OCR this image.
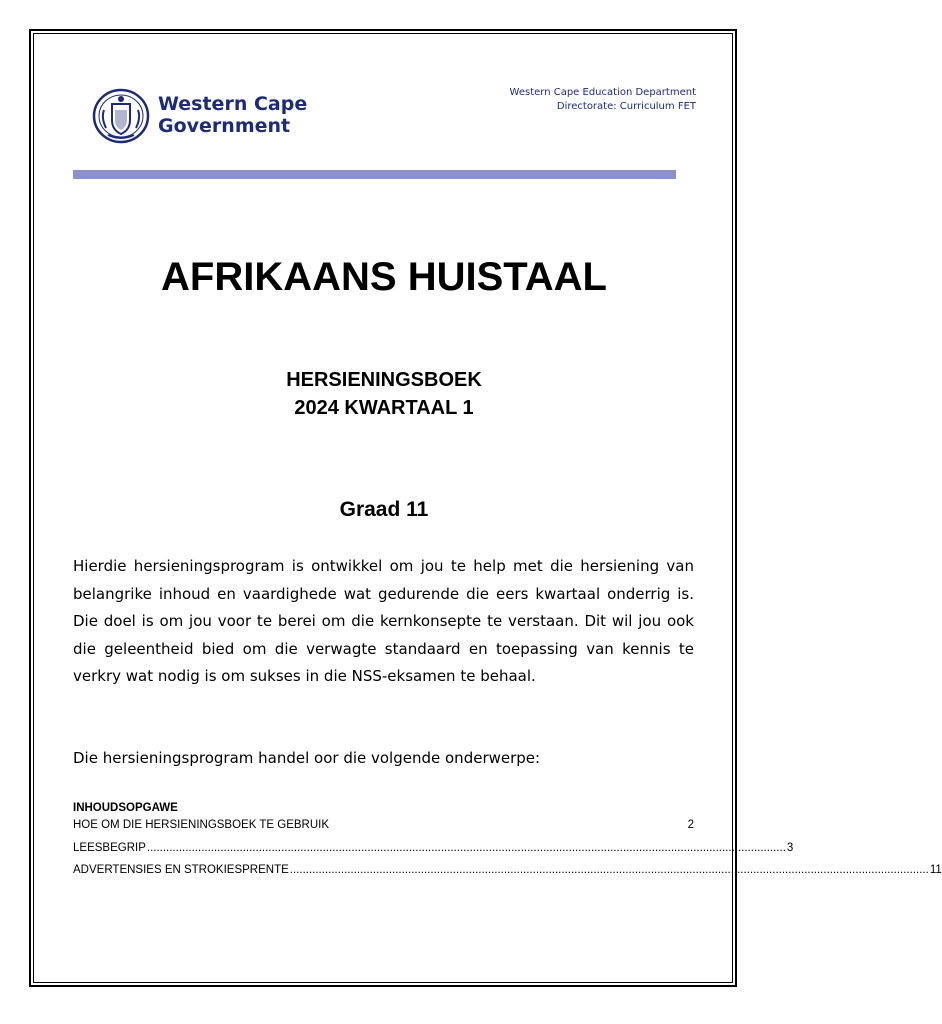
Western Cape
Government
Western Cape Education Department
Directorate: Curriculum FET
AFRIKAANS HUISTAAL
HERSIENINGSBOEK
2024 KWARTAAL 1
Graad 11

Hierdie hersieningsprogram is ontwikkel om jou te help met die hersiening van belangrike inhoud en vaardighede wat gedurende die eers kwartaal onderrig is. Die doel is om jou voor te berei om die kernkonsepte te verstaan. Dit wil jou ook die geleentheid bied om die verwagte standaard en toepassing van kennis te verkry wat nodig is om sukses in die NSS-eksamen te behaal.

Die hersieningsprogram handel oor die volgende onderwerpe:

INHOUDSOPGAWE
HOE OM DIE HERSIENINGSBOEK TE GEBRUIK	2
LEESBEGRIP ........................................................................................................................................................................................................ 3
ADVERTENSIES EN STROKIESPRENTE ........................................................................................................................................................................................................ 11
